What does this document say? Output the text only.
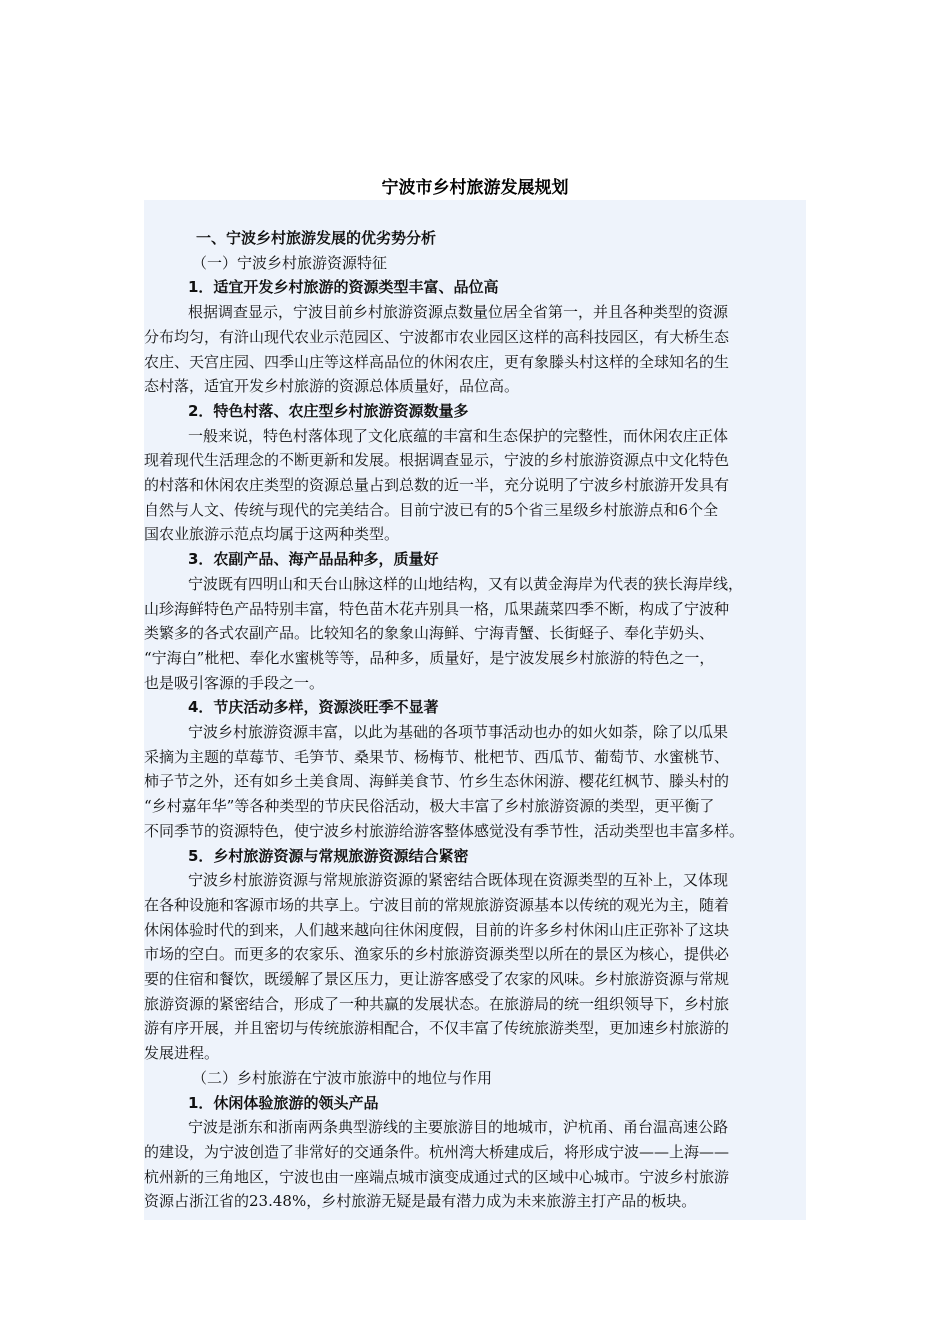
宁波市乡村旅游发展规划
一、宁波乡村旅游发展的优劣势分析
（一）宁波乡村旅游资源特征
1．适宜开发乡村旅游的资源类型丰富、品位高
根据调查显示，宁波目前乡村旅游资源点数量位居全省第一，并且各种类型的资源
分布均匀，有浒山现代农业示范园区、宁波都市农业园区这样的高科技园区，有大桥生态
农庄、天宫庄园、四季山庄等这样高品位的休闲农庄，更有象滕头村这样的全球知名的生
态村落，适宜开发乡村旅游的资源总体质量好，品位高。
2．特色村落、农庄型乡村旅游资源数量多
一般来说，特色村落体现了文化底蕴的丰富和生态保护的完整性，而休闲农庄正体
现着现代生活理念的不断更新和发展。根据调查显示，宁波的乡村旅游资源点中文化特色
的村落和休闲农庄类型的资源总量占到总数的近一半，充分说明了宁波乡村旅游开发具有
自然与人文、传统与现代的完美结合。目前宁波已有的5个省三星级乡村旅游点和6个全
国农业旅游示范点均属于这两种类型。
3．农副产品、海产品品种多，质量好
宁波既有四明山和天台山脉这样的山地结构，又有以黄金海岸为代表的狭长海岸线，
山珍海鲜特色产品特别丰富，特色苗木花卉别具一格，瓜果蔬菜四季不断，构成了宁波种
类繁多的各式农副产品。比较知名的象象山海鲜、宁海青蟹、长街蛏子、奉化芋奶头、
“宁海白”枇杷、奉化水蜜桃等等，品种多，质量好，是宁波发展乡村旅游的特色之一，
也是吸引客源的手段之一。
4．节庆活动多样，资源淡旺季不显著
宁波乡村旅游资源丰富，以此为基础的各项节事活动也办的如火如荼，除了以瓜果
采摘为主题的草莓节、毛笋节、桑果节、杨梅节、枇杷节、西瓜节、葡萄节、水蜜桃节、
柿子节之外，还有如乡土美食周、海鲜美食节、竹乡生态休闲游、樱花红枫节、滕头村的
“乡村嘉年华”等各种类型的节庆民俗活动，极大丰富了乡村旅游资源的类型，更平衡了
不同季节的资源特色，使宁波乡村旅游给游客整体感觉没有季节性，活动类型也丰富多样。
5．乡村旅游资源与常规旅游资源结合紧密
宁波乡村旅游资源与常规旅游资源的紧密结合既体现在资源类型的互补上，又体现
在各种设施和客源市场的共享上。宁波目前的常规旅游资源基本以传统的观光为主，随着
休闲体验时代的到来，人们越来越向往休闲度假，目前的许多乡村休闲山庄正弥补了这块
市场的空白。而更多的农家乐、渔家乐的乡村旅游资源类型以所在的景区为核心，提供必
要的住宿和餐饮，既缓解了景区压力，更让游客感受了农家的风味。乡村旅游资源与常规
旅游资源的紧密结合，形成了一种共赢的发展状态。在旅游局的统一组织领导下，乡村旅
游有序开展，并且密切与传统旅游相配合，不仅丰富了传统旅游类型，更加速乡村旅游的
发展进程。
（二）乡村旅游在宁波市旅游中的地位与作用
1．休闲体验旅游的领头产品
宁波是浙东和浙南两条典型游线的主要旅游目的地城市，沪杭甬、甬台温高速公路
的建设，为宁波创造了非常好的交通条件。杭州湾大桥建成后，将形成宁波——上海——
杭州新的三角地区，宁波也由一座端点城市演变成通过式的区域中心城市。宁波乡村旅游
资源占浙江省的23.48%，乡村旅游无疑是最有潜力成为未来旅游主打产品的板块。
